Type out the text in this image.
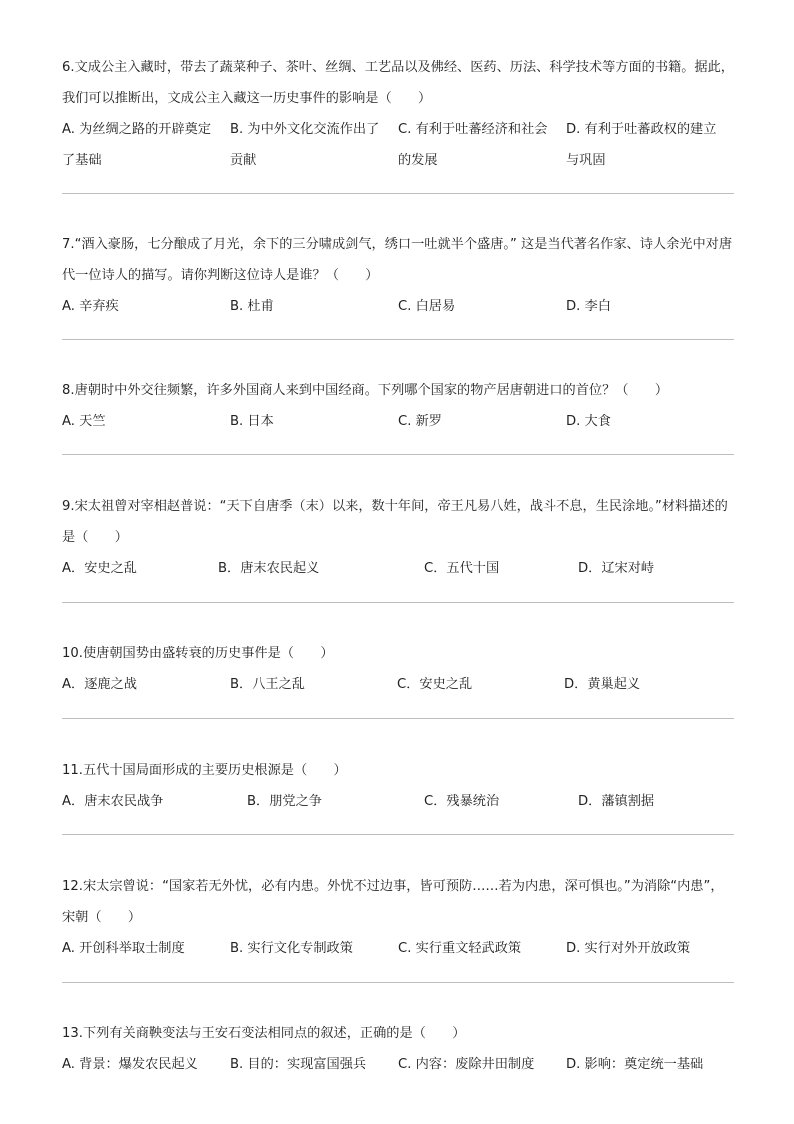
6.文成公主入藏时，带去了蔬菜种子、茶叶、丝绸、工艺品以及佛经、医药、历法、科学技术等方面的书籍。据此，我们可以推断出，文成公主入藏这一历史事件的影响是（　　）

A. 为丝绸之路的开辟奠定了基础
B. 为中外文化交流作出了贡献
C. 有利于吐蕃经济和社会的发展
D. 有利于吐蕃政权的建立与巩固

7.“酒入豪肠，七分酿成了月光，余下的三分啸成剑气，绣口一吐就半个盛唐。” 这是当代著名作家、诗人余光中对唐代一位诗人的描写。请你判断这位诗人是谁？（　　）

A. 辛弃疾	B. 杜甫	C. 白居易	D. 李白

8.唐朝时中外交往频繁，许多外国商人来到中国经商。下列哪个国家的物产居唐朝进口的首位？（　　）

A. 天竺	B. 日本	C. 新罗	D. 大食

9.宋太祖曾对宰相赵普说：“天下自唐季（末）以来，数十年间，帝王凡易八姓，战斗不息，生民涂地。”材料描述的是（　　）

A．安史之乱	B．唐末农民起义	C．五代十国	D．辽宋对峙

10.使唐朝国势由盛转衰的历史事件是（　　）

A．逐鹿之战	B．八王之乱	C．安史之乱	D．黄巢起义

11.五代十国局面形成的主要历史根源是（　　）

A．唐末农民战争	B．朋党之争	C．残暴统治	D．藩镇割据

12.宋太宗曾说：“国家若无外忧，必有内患。外忧不过边事，皆可预防……若为内患，深可惧也。”为消除“内患”，宋朝（　　）

A. 开创科举取士制度	B. 实行文化专制政策	C. 实行重文轻武政策	D. 实行对外开放政策

13.下列有关商鞅变法与王安石变法相同点的叙述，正确的是（　　）

A. 背景：爆发农民起义 B. 目的：实现富国强兵 C. 内容：废除井田制度 D. 影响：奠定统一基础
